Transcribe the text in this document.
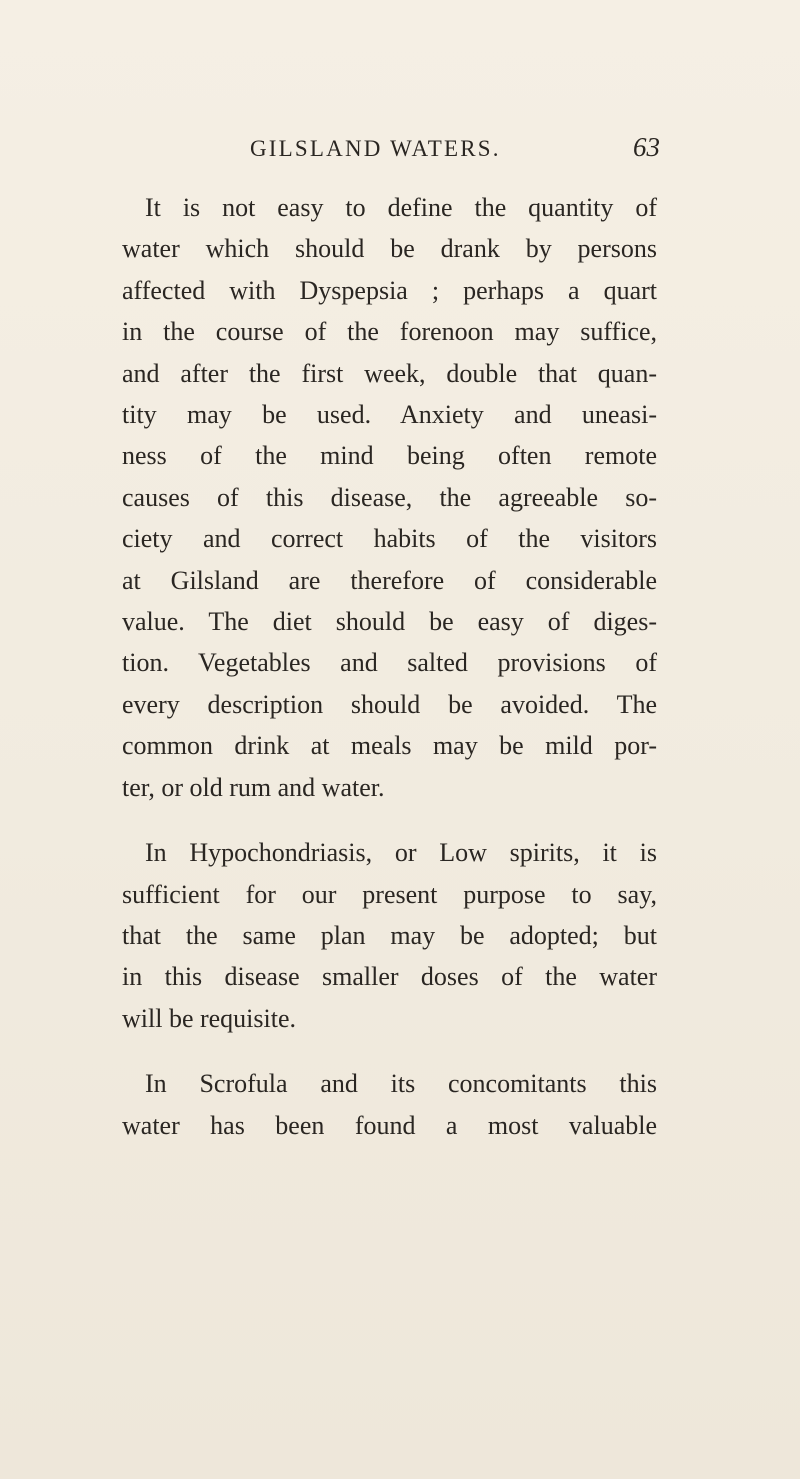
GILSLAND WATERS.	63
It is not easy to define the quantity of
water which should be drank by persons
affected with Dyspepsia ; perhaps a quart
in the course of the forenoon may suffice,
and after the first week, double that quan-
tity may be used. Anxiety and uneasi-
ness of the mind being often remote
causes of this disease, the agreeable so-
ciety and correct habits of the visitors
at Gilsland are therefore of considerable
value. The diet should be easy of diges-
tion. Vegetables and salted provisions of
every description should be avoided. The
common drink at meals may be mild por-
ter, or old rum and water.
In Hypochondriasis, or Low spirits, it is
sufficient for our present purpose to say,
that the same plan may be adopted; but
in this disease smaller doses of the water
will be requisite.
In Scrofula and its concomitants this
water has been found a most valuable
